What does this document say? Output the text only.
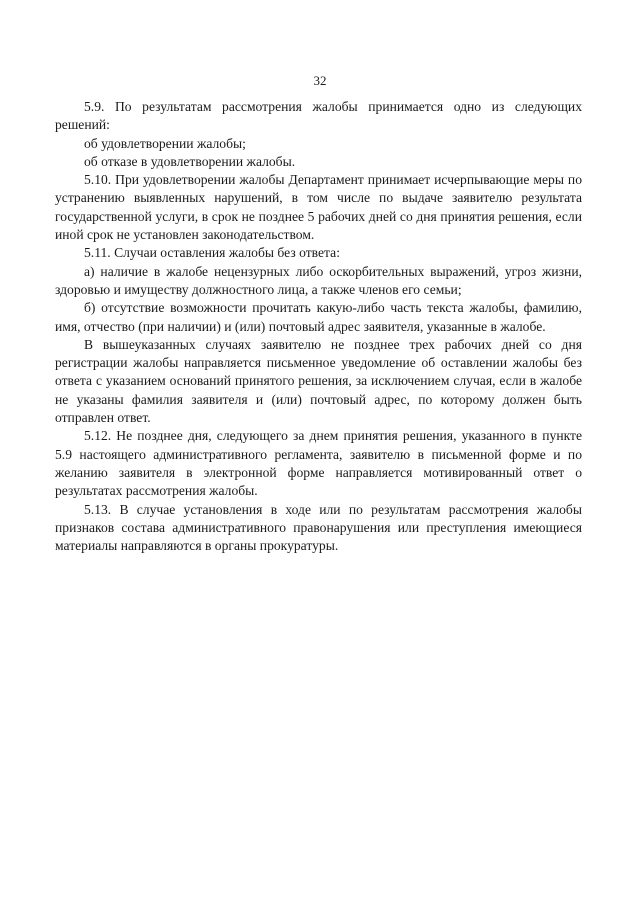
32

5.9. По результатам рассмотрения жалобы принимается одно из следующих решений:

об удовлетворении жалобы;

об отказе в удовлетворении жалобы.

5.10. При удовлетворении жалобы Департамент принимает исчерпывающие меры по устранению выявленных нарушений, в том числе по выдаче заявителю результата государственной услуги, в срок не позднее 5 рабочих дней со дня принятия решения, если иной срок не установлен законодательством.

5.11. Случаи оставления жалобы без ответа:

а) наличие в жалобе нецензурных либо оскорбительных выражений, угроз жизни, здоровью и имуществу должностного лица, а также членов его семьи;

б) отсутствие возможности прочитать какую-либо часть текста жалобы, фамилию, имя, отчество (при наличии) и (или) почтовый адрес заявителя, указанные в жалобе.

В вышеуказанных случаях заявителю не позднее трех рабочих дней со дня регистрации жалобы направляется письменное уведомление об оставлении жалобы без ответа с указанием оснований принятого решения, за исключением случая, если в жалобе не указаны фамилия заявителя и (или) почтовый адрес, по которому должен быть отправлен ответ.

5.12. Не позднее дня, следующего за днем принятия решения, указанного в пункте 5.9 настоящего административного регламента, заявителю в письменной форме и по желанию заявителя в электронной форме направляется мотивированный ответ о результатах рассмотрения жалобы.

5.13. В случае установления в ходе или по результатам рассмотрения жалобы признаков состава административного правонарушения или преступления имеющиеся материалы направляются в органы прокуратуры.
